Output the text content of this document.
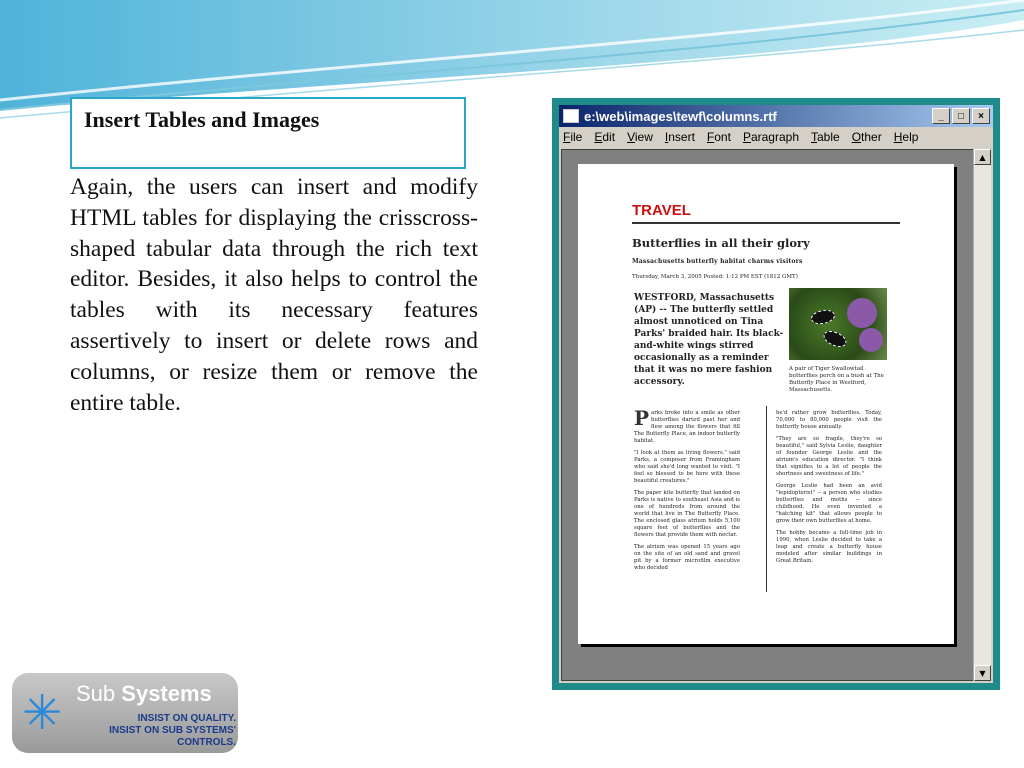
Insert Tables and Images
Again, the users can insert and modify HTML tables for displaying the crisscross-shaped tabular data through the rich text editor. Besides, it also helps to control the tables with its necessary features assertively to insert or delete rows and columns, or resize them or remove the entire table.
e:\web\images\tewf\columns.rtf	_	□	×
File Edit View Insert Font Paragraph Table Other Help
TRAVEL
Butterflies in all their glory
Massachusetts butterfly habitat charms visitors
Thursday, March 3, 2005 Posted: 1:12 PM EST (1812 GMT)
WESTFORD, Massachusetts (AP) -- The butterfly settled almost unnoticed on Tina Parks' braided hair. Its black-and-white wings stirred occasionally as a reminder that it was no mere fashion accessory.
A pair of Tiger Swallowtail butterflies perch on a bush at The Butterfly Place in Westford, Massachusetts.

Parks broke into a smile as other butterflies darted past her and flew among the flowers that fill The Butterfly Place, an indoor butterfly habitat.

"I look at them as living flowers," said Parks, a composer from Framingham who said she'd long wanted to visit. "I feel so blessed to be here with these beautiful creatures."

The paper kite butterfly that landed on Parks is native to southeast Asia and is one of hundreds from around the world that live in The Butterfly Place. The enclosed glass atrium holds 5,100 square feet of butterflies and the flowers that provide them with nectar.

The atrium was opened 15 years ago on the site of an old sand and gravel pit by a former microfilm executive who decided

he'd rather grow butterflies. Today, 70,000 to 80,000 people visit the butterfly house annually.

"They are so fragile, they're so beautiful," said Sylvia Leslie, daughter of founder George Leslie and the atrium's education director. "I think that signifies to a lot of people the shortness and sweetness of life."

George Leslie had been an avid "lepidopterist" -- a person who studies butterflies and moths -- since childhood. He even invented a "hatching kit" that allows people to grow their own butterflies at home.

The hobby became a full-time job in 1990, when Leslie decided to take a leap and create a butterfly house modeled after similar buildings in Great Britain.

▲
▼
✳ Sub Systems
INSIST ON QUALITY.
INSIST ON SUB SYSTEMS' CONTROLS.
